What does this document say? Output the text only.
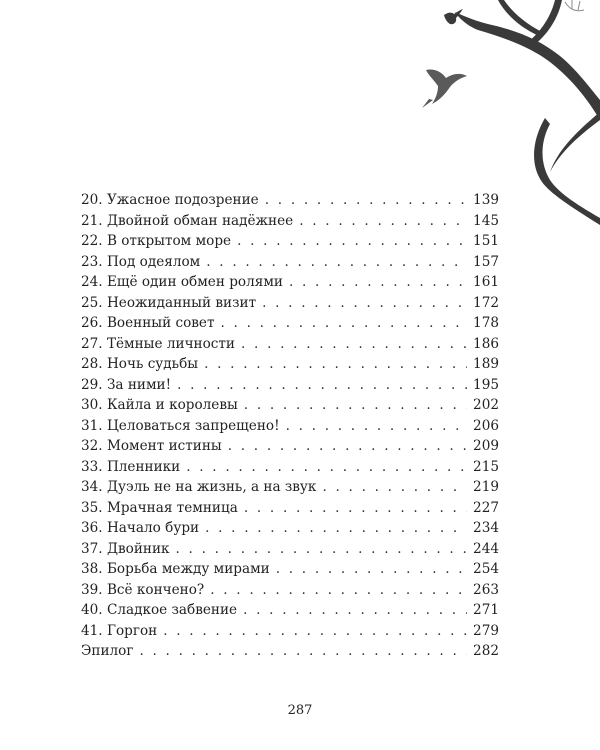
20. Ужасное подозрение . . .	139
21. Двойной обман надёжнее . . .	145
22. В открытом море . . .	151
23. Под одеялом . . .	157
24. Ещё один обмен ролями . . .	161
25. Неожиданный визит . . .	172
26. Военный совет . . .	178
27. Тёмные личности . . .	186
28. Ночь судьбы . . .	189
29. За ними! . . .	195
30. Кайла и королевы . . .	202
31. Целоваться запрещено! . . .	206
32. Момент истины . . .	209
33. Пленники . . .	215
34. Дуэль не на жизнь, а на звук . . .	219
35. Мрачная темница . . .	227
36. Начало бури . . .	234
37. Двойник . . .	244
38. Борьба между мирами . . .	254
39. Всё кончено? . . .	263
40. Сладкое забвение . . .	271
41. Горгон . . .	279
Эпилог . . .	282
287
